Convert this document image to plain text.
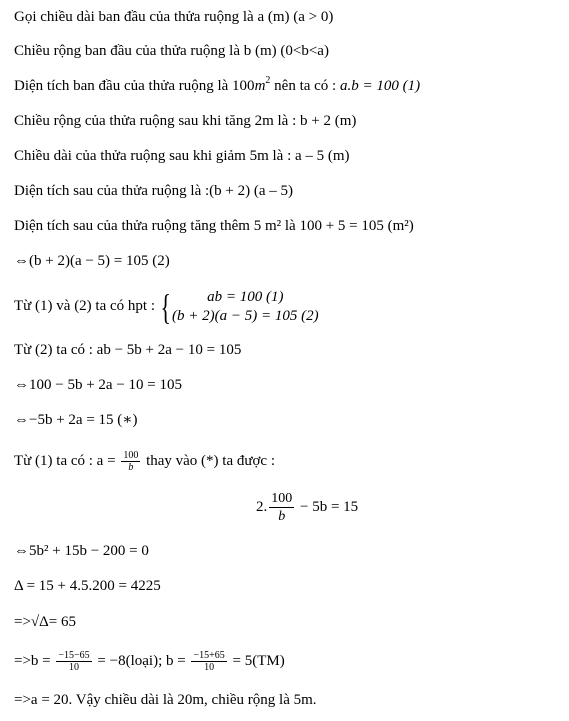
Gọi chiều dài ban đầu của thửa ruộng là a (m) (a > 0)
Chiều rộng ban đầu của thửa ruộng là b (m) (0<b<a)
Diện tích ban đầu của thửa ruộng là $100m^2$ nên ta có : a.b = 100 (1)
Chiều rộng của thửa ruộng sau khi tăng 2m là : b + 2 (m)
Chiều dài của thửa ruộng sau khi giảm 5m là : a – 5 (m)
Diện tích sau của thửa ruộng là :(b + 2) (a – 5)
Diện tích sau của thửa ruộng tăng thêm 5 m² là 100 + 5 = 105 (m²)
⇔(b + 2)(a − 5) = 105 (2)
Từ (1) và (2) ta có hpt : {	ab = 100 (1)
(b + 2)(a − 5) = 105 (2)
Từ (2) ta có : ab − 5b + 2a − 10 = 105
⇔100 − 5b + 2a − 10 = 105
⇔−5b + 2a = 15 (∗)
Từ (1) ta có : $a = \frac{100}{b}$ thay vào (*) ta được :
2. $\frac{100}{b} - 5b = 15$
⇔5b² + 15b − 200 = 0
Δ = 15 + 4.5.200 = 4225
=>√Δ= 65
$=>b = \frac{-15-65}{10}$ = −8(loại); $b = \frac{-15+65}{10} = 5(TM)$
=>a = 20. Vậy chiều dài là 20m, chiều rộng là 5m.
